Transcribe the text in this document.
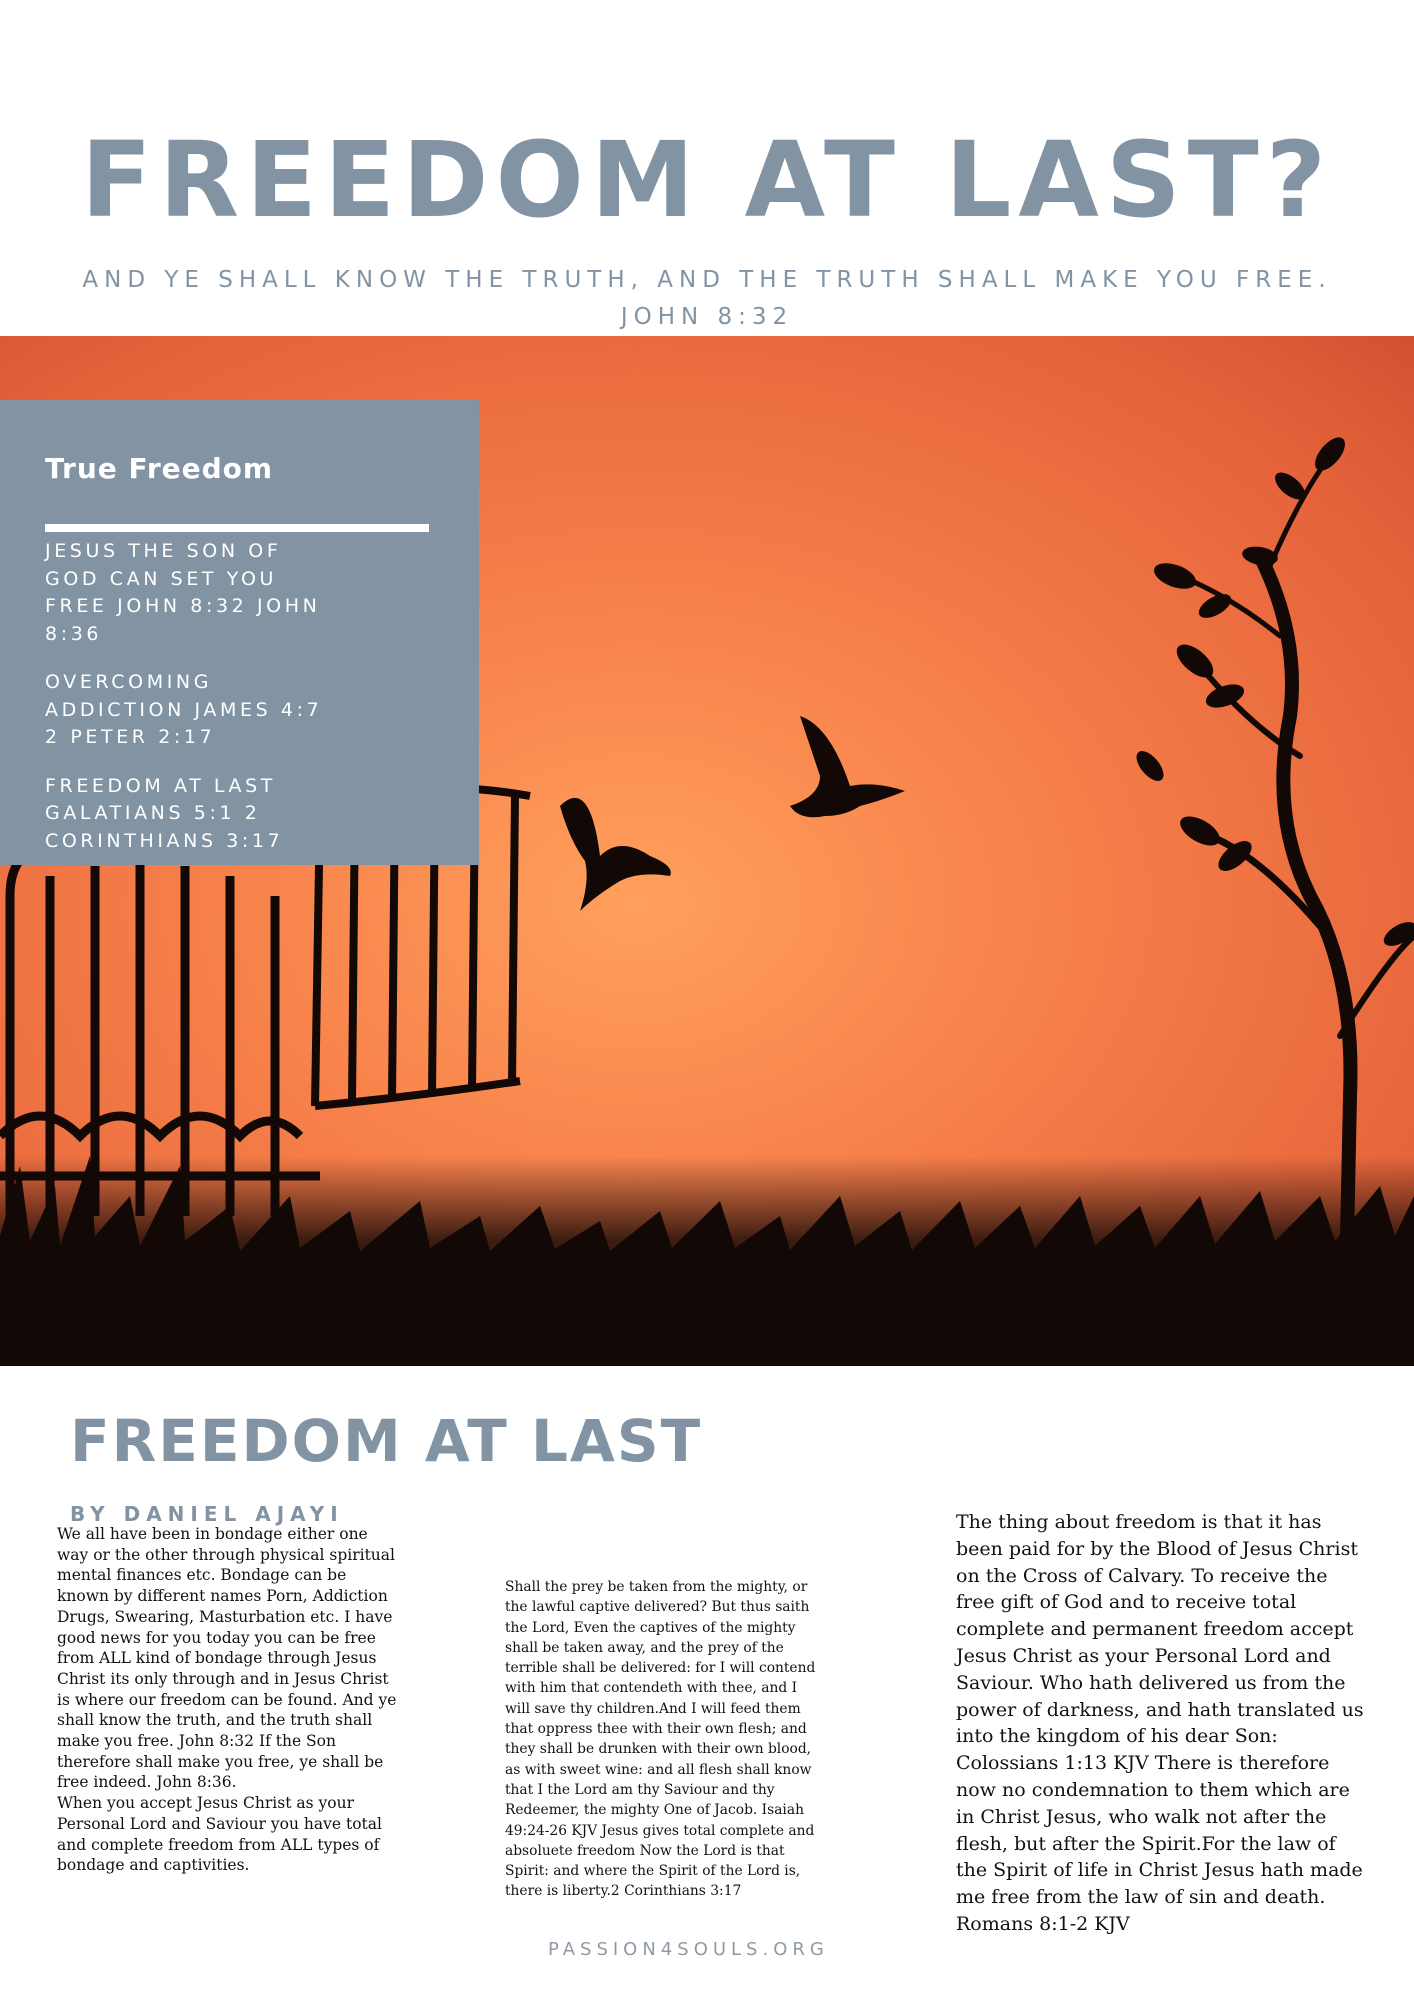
FREEDOM AT LAST?
AND YE SHALL KNOW THE TRUTH, AND THE TRUTH SHALL MAKE YOU FREE. JOHN 8:32
True Freedom
JESUS THE SON OF GOD CAN SET YOU FREE JOHN 8:32 JOHN 8:36
OVERCOMING ADDICTION JAMES 4:7 2 PETER 2:17
FREEDOM AT LAST GALATIANS 5:1 2 CORINTHIANS 3:17
FREEDOM AT LAST
BY DANIEL AJAYI

We all have been in bondage either one way or the other through physical spiritual mental finances etc. Bondage can be known by different names Porn, Addiction Drugs, Swearing, Masturbation etc. I have good news for you today you can be free from ALL kind of bondage through Jesus Christ its only through and in Jesus Christ is where our freedom can be found. And ye shall know the truth, and the truth shall make you free. John 8:32 If the Son therefore shall make you free, ye shall be free indeed. John 8:36.

When you accept Jesus Christ as your Personal Lord and Saviour you have total and complete freedom from ALL types of bondage and captivities.

Shall the prey be taken from the mighty, or the lawful captive delivered? But thus saith the Lord, Even the captives of the mighty shall be taken away, and the prey of the terrible shall be delivered: for I will contend with him that contendeth with thee, and I will save thy children.And I will feed them that oppress thee with their own flesh; and they shall be drunken with their own blood, as with sweet wine: and all flesh shall know that I the Lord am thy Saviour and thy Redeemer, the mighty One of Jacob. Isaiah 49:24-26 KJV Jesus gives total complete and absoluete freedom Now the Lord is that Spirit: and where the Spirit of the Lord is, there is liberty.2 Corinthians 3:17

The thing about freedom is that it has been paid for by the Blood of Jesus Christ on the Cross of Calvary. To receive the free gift of God and to receive total complete and permanent freedom accept Jesus Christ as your Personal Lord and Saviour. Who hath delivered us from the power of darkness, and hath translated us into the kingdom of his dear Son: Colossians 1:13 KJV There is therefore now no condemnation to them which are in Christ Jesus, who walk not after the flesh, but after the Spirit.For the law of the Spirit of life in Christ Jesus hath made me free from the law of sin and death. Romans 8:1-2 KJV

PASSION4SOULS.ORG
